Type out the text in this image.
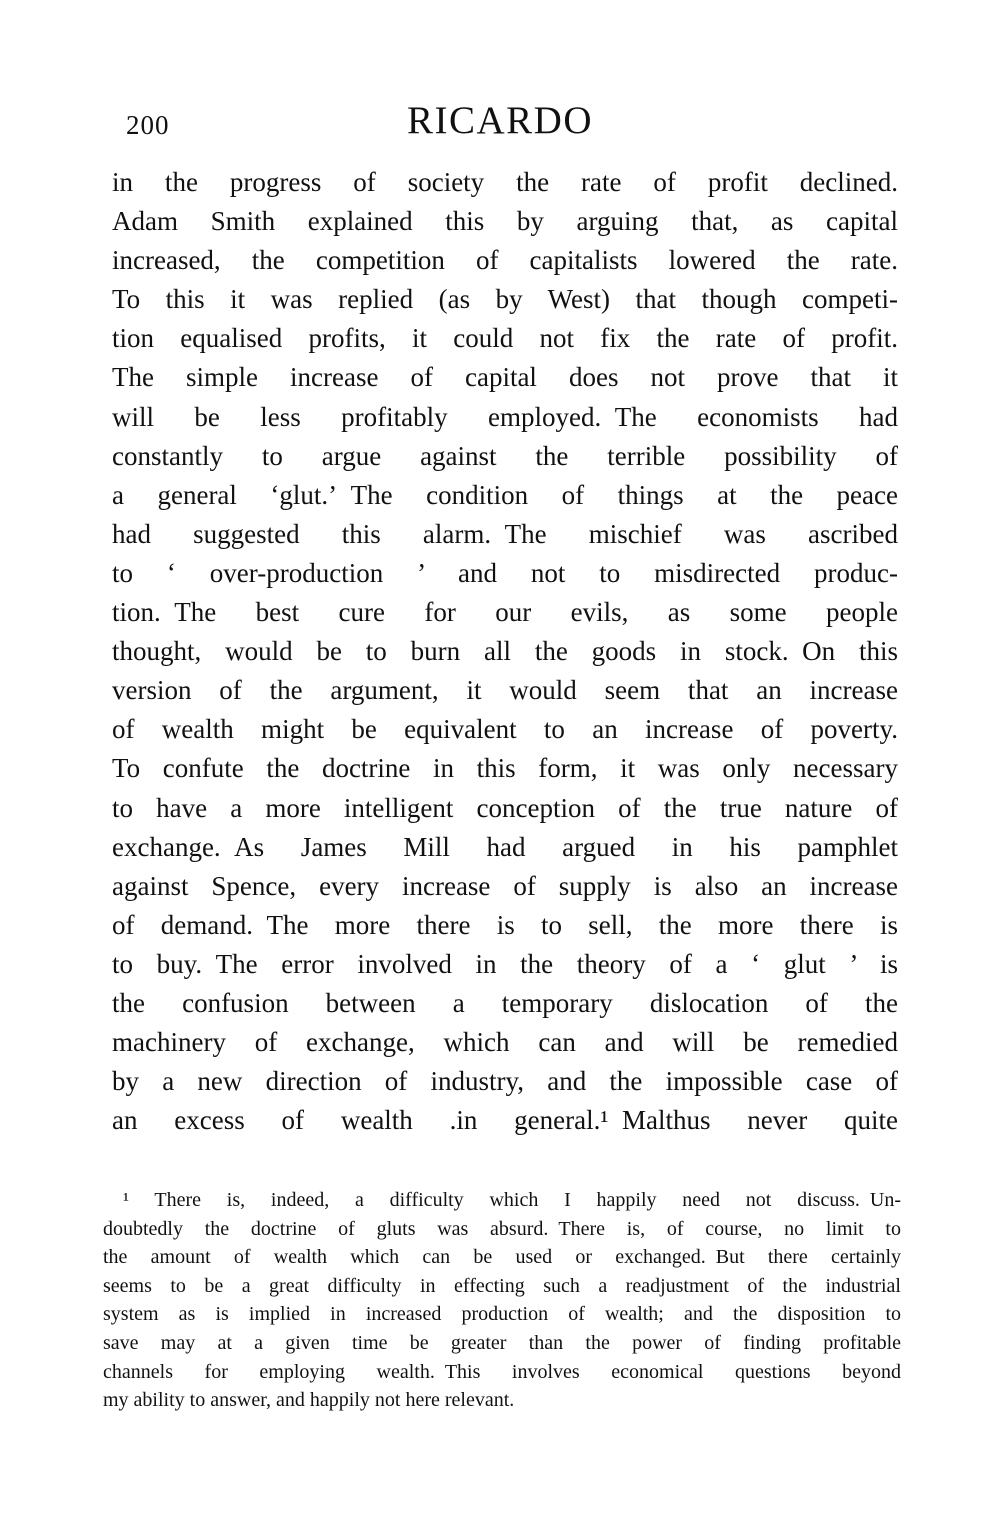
200	RICARDO
in the progress of society the rate of profit declined.
Adam Smith explained this by arguing that, as capital
increased, the competition of capitalists lowered the rate.
To this it was replied (as by West) that though competi-
tion equalised profits, it could not fix the rate of profit.
The simple increase of capital does not prove that it
will be less profitably employed. The economists had
constantly to argue against the terrible possibility of
a general ‘glut.’ The condition of things at the peace
had suggested this alarm. The mischief was ascribed
to ‘ over-production ’ and not to misdirected produc-
tion. The best cure for our evils, as some people
thought, would be to burn all the goods in stock. On this
version of the argument, it would seem that an increase
of wealth might be equivalent to an increase of poverty.
To confute the doctrine in this form, it was only necessary
to have a more intelligent conception of the true nature of
exchange. As James Mill had argued in his pamphlet
against Spence, every increase of supply is also an increase
of demand. The more there is to sell, the more there is
to buy. The error involved in the theory of a ‘ glut ’ is
the confusion between a temporary dislocation of the
machinery of exchange, which can and will be remedied
by a new direction of industry, and the impossible case of
an excess of wealth .in general.¹ Malthus never quite
¹ There is, indeed, a difficulty which I happily need not discuss. Un-
doubtedly the doctrine of gluts was absurd. There is, of course, no limit to
the amount of wealth which can be used or exchanged. But there certainly
seems to be a great difficulty in effecting such a readjustment of the industrial
system as is implied in increased production of wealth; and the disposition to
save may at a given time be greater than the power of finding profitable
channels for employing wealth. This involves economical questions beyond
my ability to answer, and happily not here relevant.
